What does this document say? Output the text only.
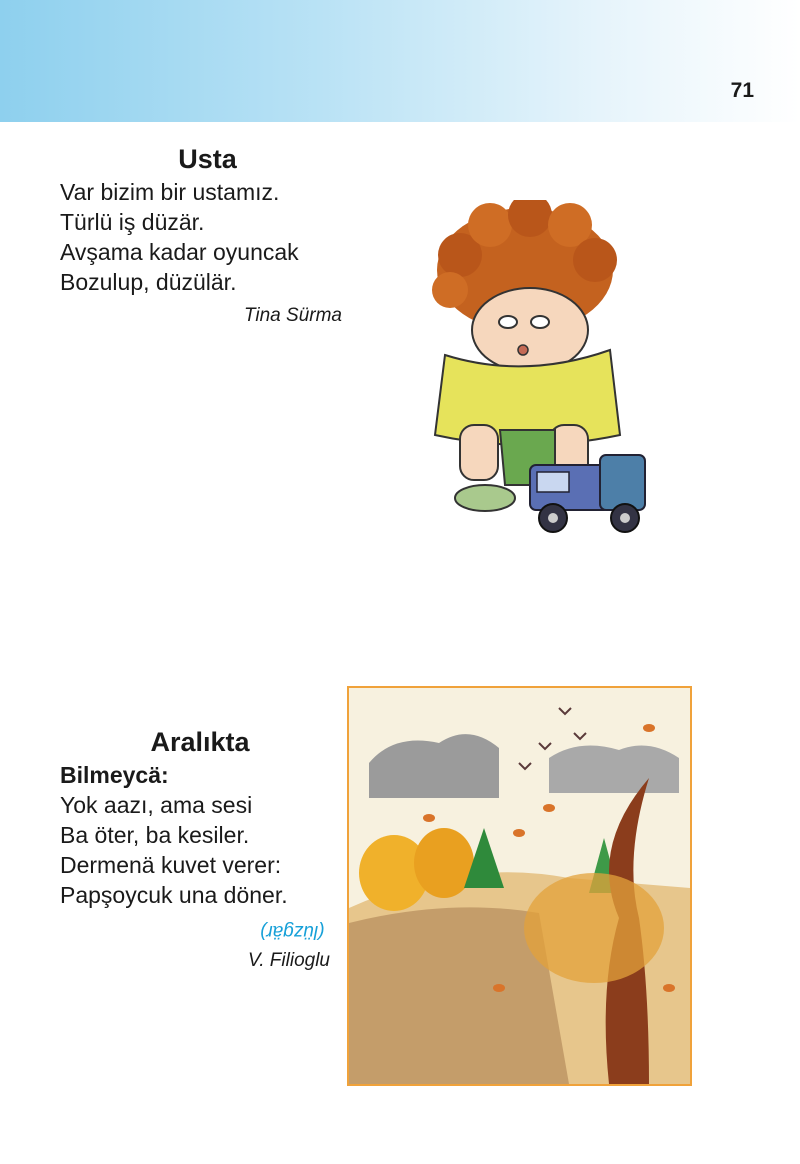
71
Usta
Var bizim bir ustamız.
Türlü iş düzär.
Avşama kadar oyuncak
Bozulup, düzülär.
Tina Sürma
Aralıkta
Bilmeycä:
Yok aazı, ama sesi
Ba öter, ba kesiler.
Dermenä kuvet verer:
Papşoycuk una döner.
(lüzgär)
V. Filioglu
